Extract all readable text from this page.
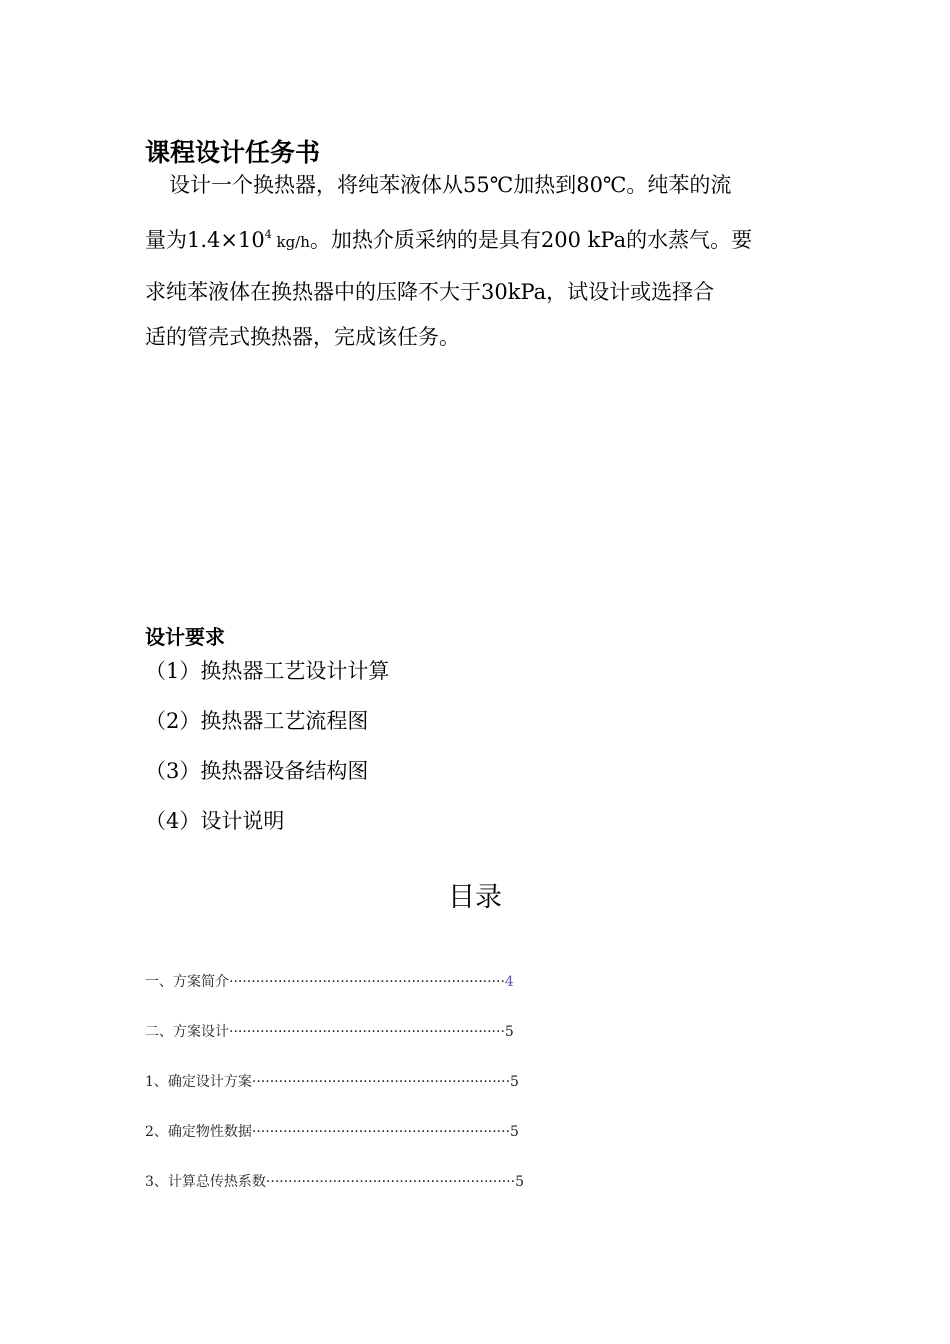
课程设计任务书
设计一个换热器，将纯苯液体从55℃加热到80℃。纯苯的流
量为$1.4\times 10^4$ kg/h。加热介质采纳的是具有200 kPa的水蒸气。要
求纯苯液体在换热器中的压降不大于30kPa，试设计或选择合
适的管壳式换热器，完成该任务。
设计要求
（1）换热器工艺设计计算
（2）换热器工艺流程图
（3）换热器设备结构图
（4）设计说明
目录
一、方案简介······························································4
二、方案设计······························································5
1、确定设计方案··························································5
2、确定物性数据··························································5
3、计算总传热系数························································5
